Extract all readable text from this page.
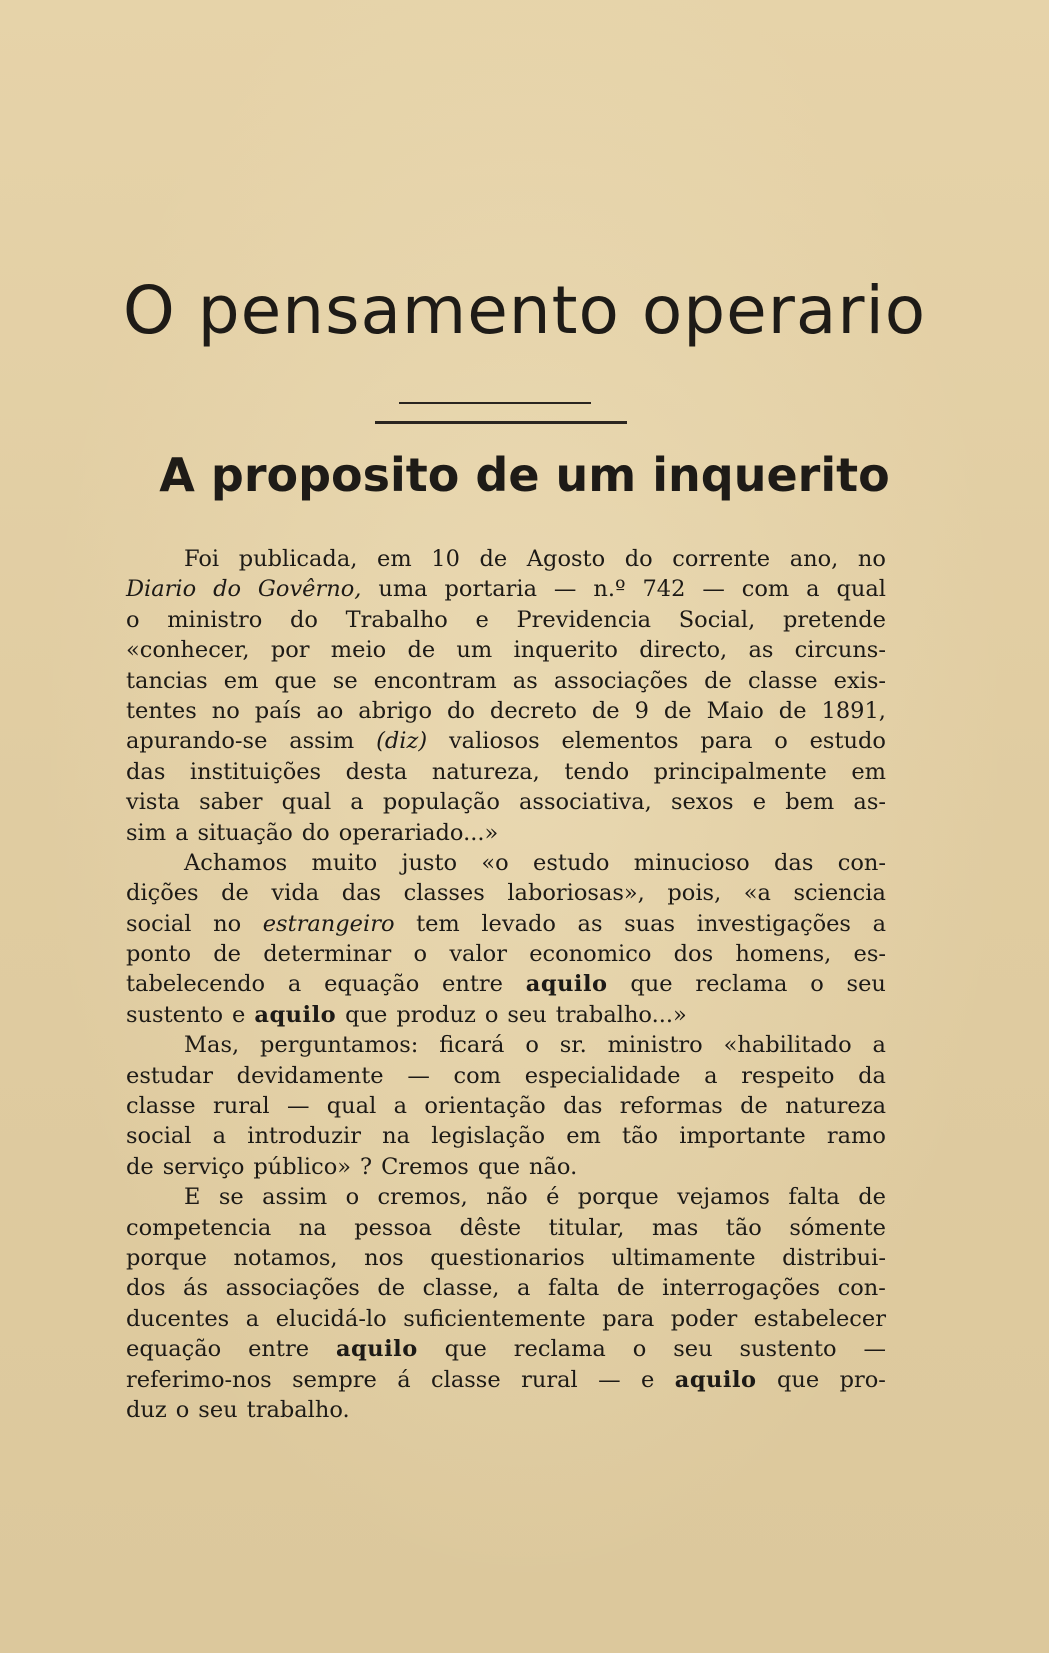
O pensamento operario
A proposito de um inquerito
Foi publicada, em 10 de Agosto do corrente ano, no
Diario do Govêrno, uma portaria — n.º 742 — com a qual
o ministro do Trabalho e Previdencia Social, pretende
«conhecer, por meio de um inquerito directo, as circuns-
tancias em que se encontram as associações de classe exis-
tentes no país ao abrigo do decreto de 9 de Maio de 1891,
apurando-se assim (diz) valiosos elementos para o estudo
das instituições desta natureza, tendo principalmente em
vista saber qual a população associativa, sexos e bem as-
sim a situação do operariado...»
Achamos muito justo «o estudo minucioso das con-
dições de vida das classes laboriosas», pois, «a sciencia
social no estrangeiro tem levado as suas investigações a
ponto de determinar o valor economico dos homens, es-
tabelecendo a equação entre aquilo que reclama o seu
sustento e aquilo que produz o seu trabalho...»
Mas, perguntamos: ficará o sr. ministro «habilitado a
estudar devidamente — com especialidade a respeito da
classe rural — qual a orientação das reformas de natureza
social a introduzir na legislação em tão importante ramo
de serviço público» ? Cremos que não.
E se assim o cremos, não é porque vejamos falta de
competencia na pessoa dêste titular, mas tão sómente
porque notamos, nos questionarios ultimamente distribui-
dos ás associações de classe, a falta de interrogações con-
ducentes a elucidá-lo suficientemente para poder estabelecer
equação entre aquilo que reclama o seu sustento —
referimo-nos sempre á classe rural — e aquilo que pro-
duz o seu trabalho.
